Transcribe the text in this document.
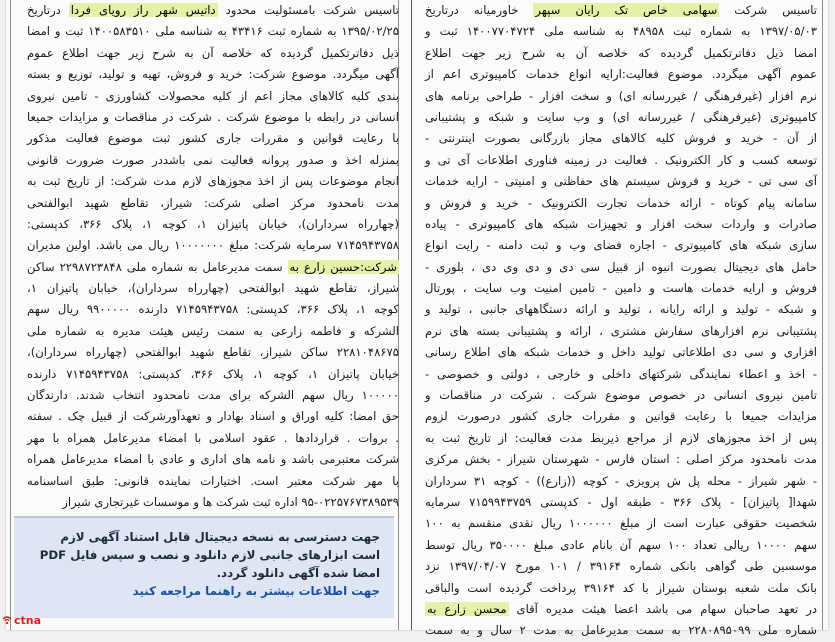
تاسیس شرکت بامسئولیت محدود داتیس شهر راز رویای فردا درتاریخ
۱۳۹۵/۰۲/۲۵ به شماره ثبت ۴۳۴۱۶ به شناسه ملی ۱۴۰۰۵۸۳۵۱۰ ثبت و امضا
ذیل دفاترتکمیل گردیده که خلاصه آن به شرح زیر جهت اطلاع عموم
آگهی میگردد. موضوع شرکت: خرید و فروش، تهیه و تولید، توزیع و بسته
بندی کلیه کالاهای مجاز اعم از کلیه محصولات کشاورزی - تامین نیروی
انسانی در رابطه با موضوع شرکت . شرکت در مناقصات و مزایدات جمیعا
با رعایت قوانین و مقررات جاری کشور ثبت موضوع فعالیت مذکور
بمنزله اخذ و صدور پروانه فعالیت نمی باشددر صورت ضرورت قانونی
انجام موضوعات پس از اخذ مجوزهای لازم مدت شرکت: از تاریخ ثبت به
مدت نامحدود مرکز اصلی شرکت: شیراز، تقاطع شهید ابوالفتحی
(چهارراه سرداران)، خیابان پاتیزان ۱، کوچه ۱، پلاک ۳۶۶، کدپستی:
۷۱۴۵۹۴۳۷۵۸ سرمایه شرکت: مبلغ ۱۰۰۰۰۰۰۰ ریال می باشد. اولین مدیران
شرکت:حسین زارع به سمت مدیرعامل به شماره ملی ۲۲۹۸۷۲۳۸۴۸ ساکن
شیراز، تقاطع شهید ابوالفتحی (چهارراه سرداران)، خیابان پاتیزان ۱،
کوچه ۱، پلاک ۳۶۶، کدپستی: ۷۱۴۵۹۴۳۷۵۸ دارنده ۹۹۰۰۰۰۰ ریال سهم
الشرکه و فاطمه زارعی به سمت رئیس هیئت مدیره به شماره ملی
۲۲۸۱۰۴۸۶۷۵ ساکن شیراز، تقاطع شهید ابوالفتحی (چهارراه سرداران)،
خیابان پاتیزان ۱، کوچه ۱، پلاک ۳۶۶، کدپستی: ۷۱۴۵۹۴۳۷۵۸ دارنده
۱۰۰۰۰۰ ریال سهم الشرکه برای مدت نامحدود انتخاب شدند. دارندگان
حق امضا: کلیه اوراق و اسناد بهادار و تعهدآورشرکت از قبیل چک . سفته
. بروات . قراردادها . عقود اسلامی با امضاء مدیرعامل همراه با مهر
شرکت معتبرمی باشد و نامه های اداری و عادی با امضاء مدیرعامل همراه
با مهر شرکت معتبر است. اختیارات نماینده قانونی: طبق اساسنامه
۹۵-۰۲۲۵۷۶۷۳۸۹۵۳۹ اداره ثبت شرکت ها و موسسات غیرتجاری شیراز
تاسیس شرکت سهامی خاص تک رایان سپهر خاورمیانه درتاریخ
۱۳۹۷/۰۵/۰۳ به شماره ثبت ۴۸۹۵۸ به شناسه ملی ۱۴۰۰۷۷۰۴۷۲۴ ثبت و
امضا ذیل دفاترتکمیل گردیده که خلاصه آن به شرح زیر جهت اطلاع
عموم آگهی میگردد. موضوع فعالیت:ارایه انواع خدمات کامپیوتری اعم از
نرم افزار (غیرفرهنگی / غیررسانه ای) و سخت افزار - طراحی برنامه های
کامپیوتری (غیرفرهنگی / غیررسانه ای) و وب سایت و شبکه و پشتیبانی
از آن - خرید و فروش کلیه کالاهای مجاز بازرگانی بصورت اینترنتی -
توسعه کسب و کار الکترونیک . فعالیت در زمینه فناوری اطلاعات آی تی و
آی سی تی - خرید و فروش سیستم های حفاظتی و امنیتی - ارایه خدمات
سامانه پیام کوتاه - ارائه خدمات تجارت الکترونیک - خرید و فروش و
صادرات و واردات سخت افزار و تجهیزات شبکه های کامپیوتری - پیاده
سازی شبکه های کامپیوتری - اجاره فضای وب و ثبت دامنه - رایت انواع
حامل های دیجیتال بصورت انبوه از قبیل سی دی و دی وی دی ، بلوری -
فروش و ارایه خدمات هاست و دامین - تامین امنیت وب سایت ، پورتال
و شبکه - تولید و ارائه رایانه ، تولید و ارائه دستگاههای جانبی ، تولید و
پشتیبانی نرم افزارهای سفارش مشتری ، ارائه و پشتیبانی بسته های نرم
افزاری و سی دی اطلاعاتی تولید داخل و خدمات شبکه های اطلاع رسانی
- اخذ و اعطاء نمایندگی شرکتهای داخلی و خارجی ، دولتی و خصوصی -
تامین نیروی انسانی در خصوص موضوع شرکت . شرکت در مناقصات و
مزایدات جمیعا با رعایت قوانین و مقررات جاری کشور درصورت لزوم
پس از اخذ مجوزهای لازم از مراجع ذیربط مدت فعالیت: از تاریخ ثبت به
مدت نامحدود مرکز اصلی : استان فارس - شهرستان شیراز - بخش مرکزی
- شهر شیراز - محله پل ش پرویزی - کوچه ((زارع)) - کوچه ۳۱ سرداران
شهدا[ پاتیزان] - پلاک ۳۶۶ - طبقه اول - کدپستی ۷۱۵۹۹۴۳۷۵۹ سرمایه
شخصیت حقوقی عبارت است از مبلغ ۱۰۰۰۰۰۰ ریال نقدی منقسم به ۱۰۰
سهم ۱۰۰۰۰ ریالی تعداد ۱۰۰ سهم آن بانام عادی مبلغ ۳۵۰۰۰۰ ریال توسط
موسسین طی گواهی بانکی شماره ۳۹۱۶۴ / ۱۰۱ مورخ ۱۳۹۷/۰۴/۰۷ نزد
بانک ملت شعبه بوستان شیراز با کد ۳۹۱۶۴ پرداخت گردیده است والباقی
در تعهد صاحبان سهام می باشد اعضا هیئت مدیره آقای محسن زارع به
شماره ملی ۲۲۸۰۸۹۵۰۹۹ به سمت مدیرعامل به مدت ۲ سال و به سمت
جهت دسترسی به نسخه دیجیتال قابل استناد آگهی لازم
است ابزارهای جانبی لازم دانلود و نصب و سپس فایل PDF
امضا شده آگهی دانلود گردد.
جهت اطلاعات بیشتر به راهنما مراجعه کنید
ctna
